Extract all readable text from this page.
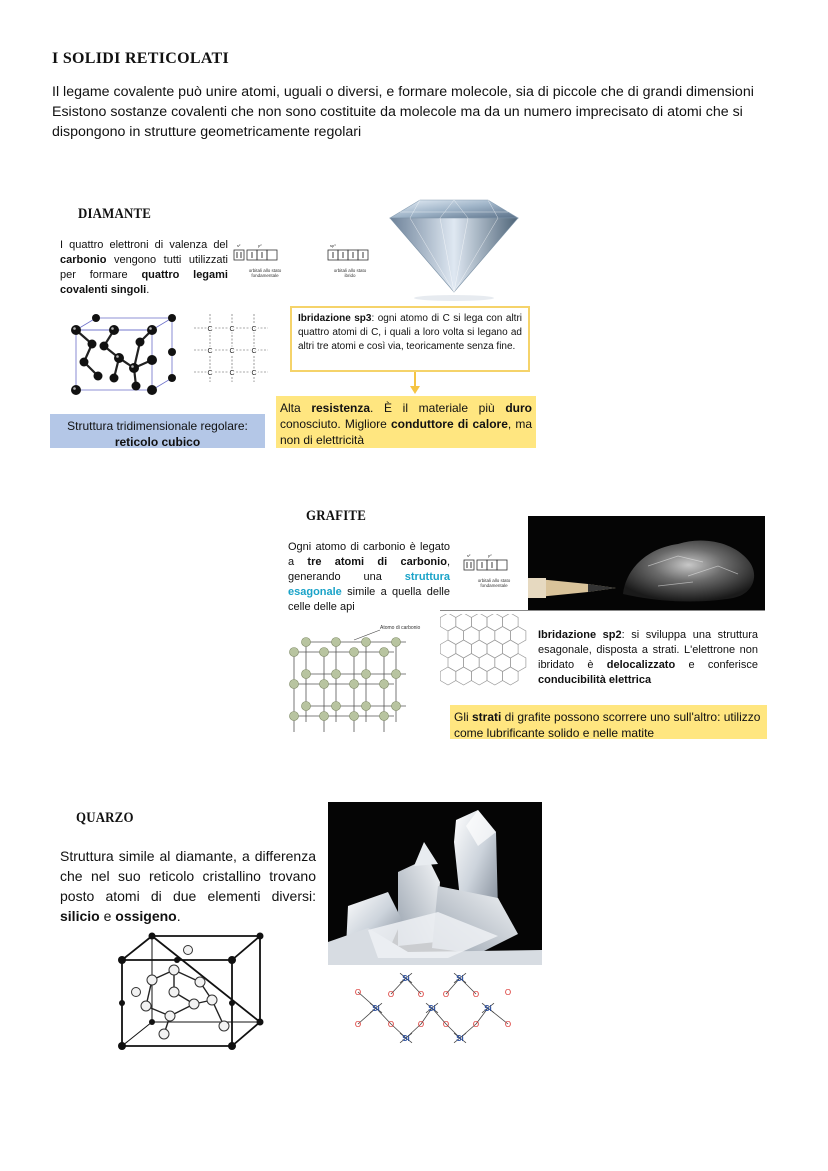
I SOLIDI RETICOLATI

Il legame covalente può unire atomi, uguali o diversi, e formare molecole, sia di piccole che di grandi dimensioni

Esistono sostanze covalenti che non sono costituite da molecole ma da un numero imprecisato di atomi che si dispongono in strutture geometricamente regolari

DIAMANTE
I quattro elettroni di valenza del carbonio vengono tutti utilizzati per formare quattro legami covalenti singoli.
s²	p²	sp³
orbitali allo stato fondamentale
orbitali allo stato ibrido
C C C
C C C
C C C
Ibridazione sp3: ogni atomo di C si lega con altri quattro atomi di C, i quali a loro volta si legano ad altri tre atomi e così via, teoricamente senza fine.
Struttura tridimensionale regolare:
reticolo cubico
Alta resistenza. È il materiale più duro conosciuto. Migliore conduttore di calore, ma non di elettricità
GRAFITE
Ogni atomo di carbonio è legato a tre atomi di carbonio, generando una struttura esagonale simile a quella delle celle delle api
s²	p²
orbitali allo stato fondamentale
Atomo di carbonio
Ibridazione sp2: si sviluppa una struttura esagonale, disposta a strati. L'elettrone non ibridato è delocalizzato e conferisce conducibilità elettrica
Gli strati di grafite possono scorrere uno sull'altro: utilizzo come lubrificante solido e nelle matite
QUARZO
Struttura simile al diamante, a differenza che nel suo reticolo cristallino trovano posto atomi di due elementi diversi: silicio e ossigeno.
Si	Si
Si	Si	Si
Si	Si
O	O	O O	O	O
O	O	O O	O	O
